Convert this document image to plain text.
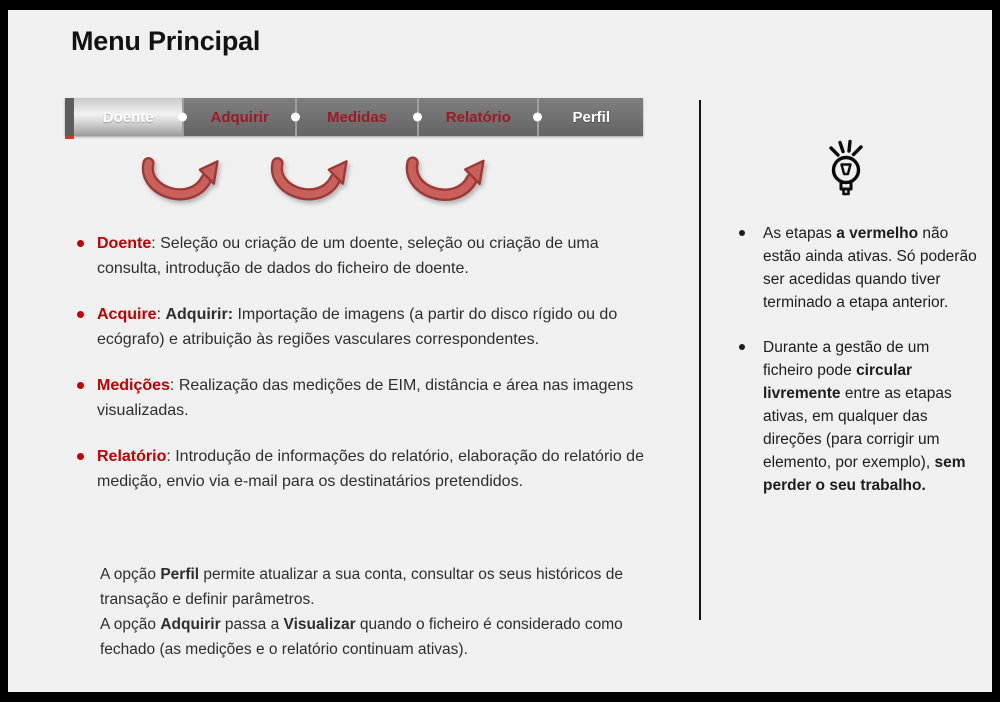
Menu Principal
Doente	Adquirir	Medidas	Relatório	Perfil
Doente: Seleção ou criação de um doente, seleção ou criação de uma consulta, introdução de dados do ficheiro de doente.
Acquire: Adquirir: Importação de imagens (a partir do disco rígido ou do ecógrafo) e atribuição às regiões vasculares correspondentes.
Medições: Realização das medições de EIM, distância e área nas imagens visualizadas.
Relatório: Introdução de informações do relatório, elaboração do relatório de medição, envio via e-mail para os destinatários pretendidos.
A opção Perfil permite atualizar a sua conta, consultar os seus históricos de transação e definir parâmetros.
A opção Adquirir passa a Visualizar quando o ficheiro é considerado como fechado (as medições e o relatório continuam ativas).
As etapas a vermelho não estão ainda ativas. Só poderão ser acedidas quando tiver terminado a etapa anterior.
Durante a gestão de um ficheiro pode circular livremente entre as etapas ativas, em qualquer das direções (para corrigir um elemento, por exemplo), sem perder o seu trabalho.
